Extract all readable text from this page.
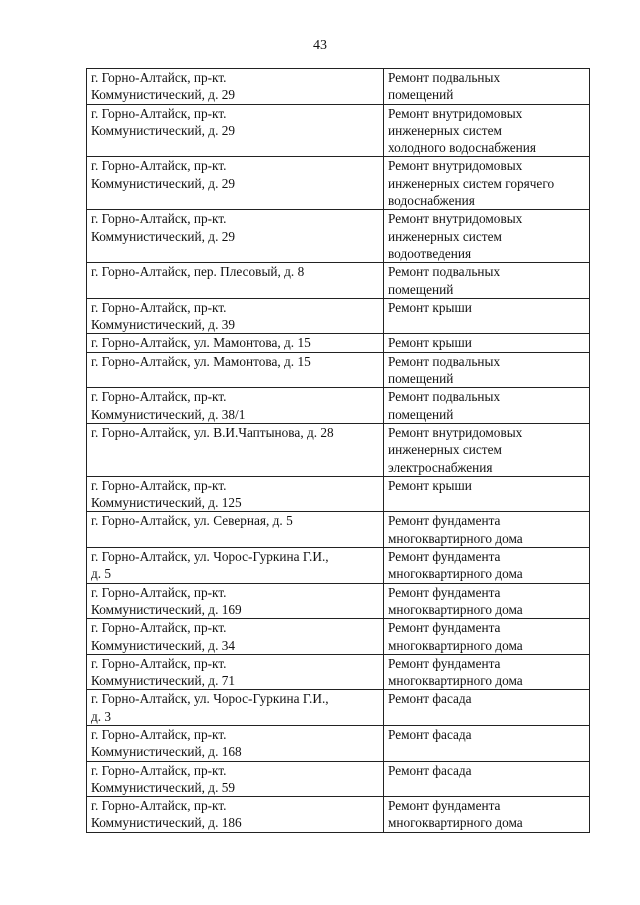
43
г. Горно-Алтайск, пр-кт.
Коммунистический, д. 29	Ремонт подвальных
помещений

г. Горно-Алтайск, пр-кт.
Коммунистический, д. 29	Ремонт внутридомовых
инженерных систем
холодного водоснабжения

г. Горно-Алтайск, пр-кт.
Коммунистический, д. 29	Ремонт внутридомовых
инженерных систем горячего
водоснабжения

г. Горно-Алтайск, пр-кт.
Коммунистический, д. 29	Ремонт внутридомовых
инженерных систем
водоотведения

г. Горно-Алтайск, пер. Плесовый, д. 8	Ремонт подвальных
помещений

г. Горно-Алтайск, пр-кт.
Коммунистический, д. 39	Ремонт крыши

г. Горно-Алтайск, ул. Мамонтова, д. 15	Ремонт крыши

г. Горно-Алтайск, ул. Мамонтова, д. 15	Ремонт подвальных
помещений

г. Горно-Алтайск, пр-кт.
Коммунистический, д. 38/1	Ремонт подвальных
помещений

г. Горно-Алтайск, ул. В.И.Чаптынова, д. 28	Ремонт внутридомовых
инженерных систем
электроснабжения

г. Горно-Алтайск, пр-кт.
Коммунистический, д. 125	Ремонт крыши

г. Горно-Алтайск, ул. Северная, д. 5	Ремонт фундамента
многоквартирного дома

г. Горно-Алтайск, ул. Чорос-Гуркина Г.И.,
д. 5	Ремонт фундамента
многоквартирного дома

г. Горно-Алтайск, пр-кт.
Коммунистический, д. 169	Ремонт фундамента
многоквартирного дома

г. Горно-Алтайск, пр-кт.
Коммунистический, д. 34	Ремонт фундамента
многоквартирного дома

г. Горно-Алтайск, пр-кт.
Коммунистический, д. 71	Ремонт фундамента
многоквартирного дома

г. Горно-Алтайск, ул. Чорос-Гуркина Г.И.,
д. 3	Ремонт фасада

г. Горно-Алтайск, пр-кт.
Коммунистический, д. 168	Ремонт фасада

г. Горно-Алтайск, пр-кт.
Коммунистический, д. 59	Ремонт фасада

г. Горно-Алтайск, пр-кт.
Коммунистический, д. 186	Ремонт фундамента
многоквартирного дома
